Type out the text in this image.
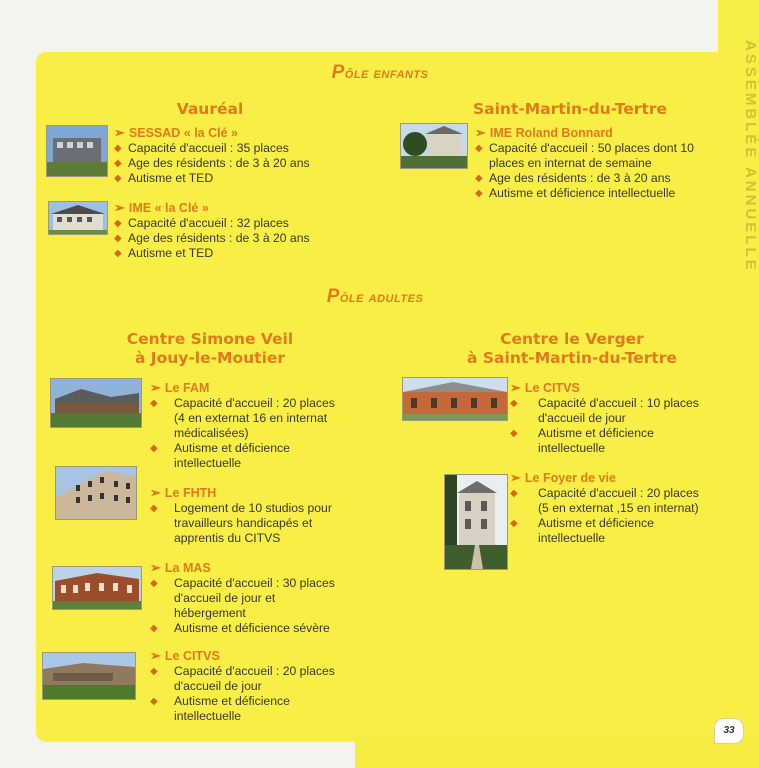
ASSEMBLÉE ANNUELLE
Pôle enfants
Vauréal	Saint-Martin-du-Tertre
➢ SESSAD « la Clé »
◆ Capacité d'accueil : 35 places
◆ Age des résidents : de 3 à 20 ans
◆ Autisme et TED
➢ IME « la Clé »
◆ Capacité d'accueil : 32 places
◆ Age des résidents : de 3 à 20 ans
◆ Autisme et TED
➢ IME Roland Bonnard
◆ Capacité d'accueil : 50 places dont 10 places en internat de semaine
◆ Age des résidents : de 3 à 20 ans
◆ Autisme et déficience intellectuelle
Pôle adultes
Centre Simone Veil
à Jouy-le-Moutier
Centre le Verger
à Saint-Martin-du-Tertre
➢ Le FAM
◆ Capacité d'accueil : 20 places (4 en externat 16 en internat médicalisées)
◆ Autisme et déficience intellectuelle
➢ Le FHTH
◆ Logement de 10 studios pour travailleurs handicapés et apprentis du CITVS
➢ La MAS
◆ Capacité d'accueil : 30 places d'accueil de jour et hébergement
◆ Autisme et déficience sévère
➢ Le CITVS
◆ Capacité d'accueil : 20 places d'accueil de jour
◆ Autisme et déficience intellectuelle
➢ Le CITVS
◆ Capacité d'accueil : 10 places d'accueil de jour
◆ Autisme et déficience intellectuelle
➢ Le Foyer de vie
◆ Capacité d'accueil : 20 places (5 en externat ,15 en internat)
◆ Autisme et déficience intellectuelle
33
